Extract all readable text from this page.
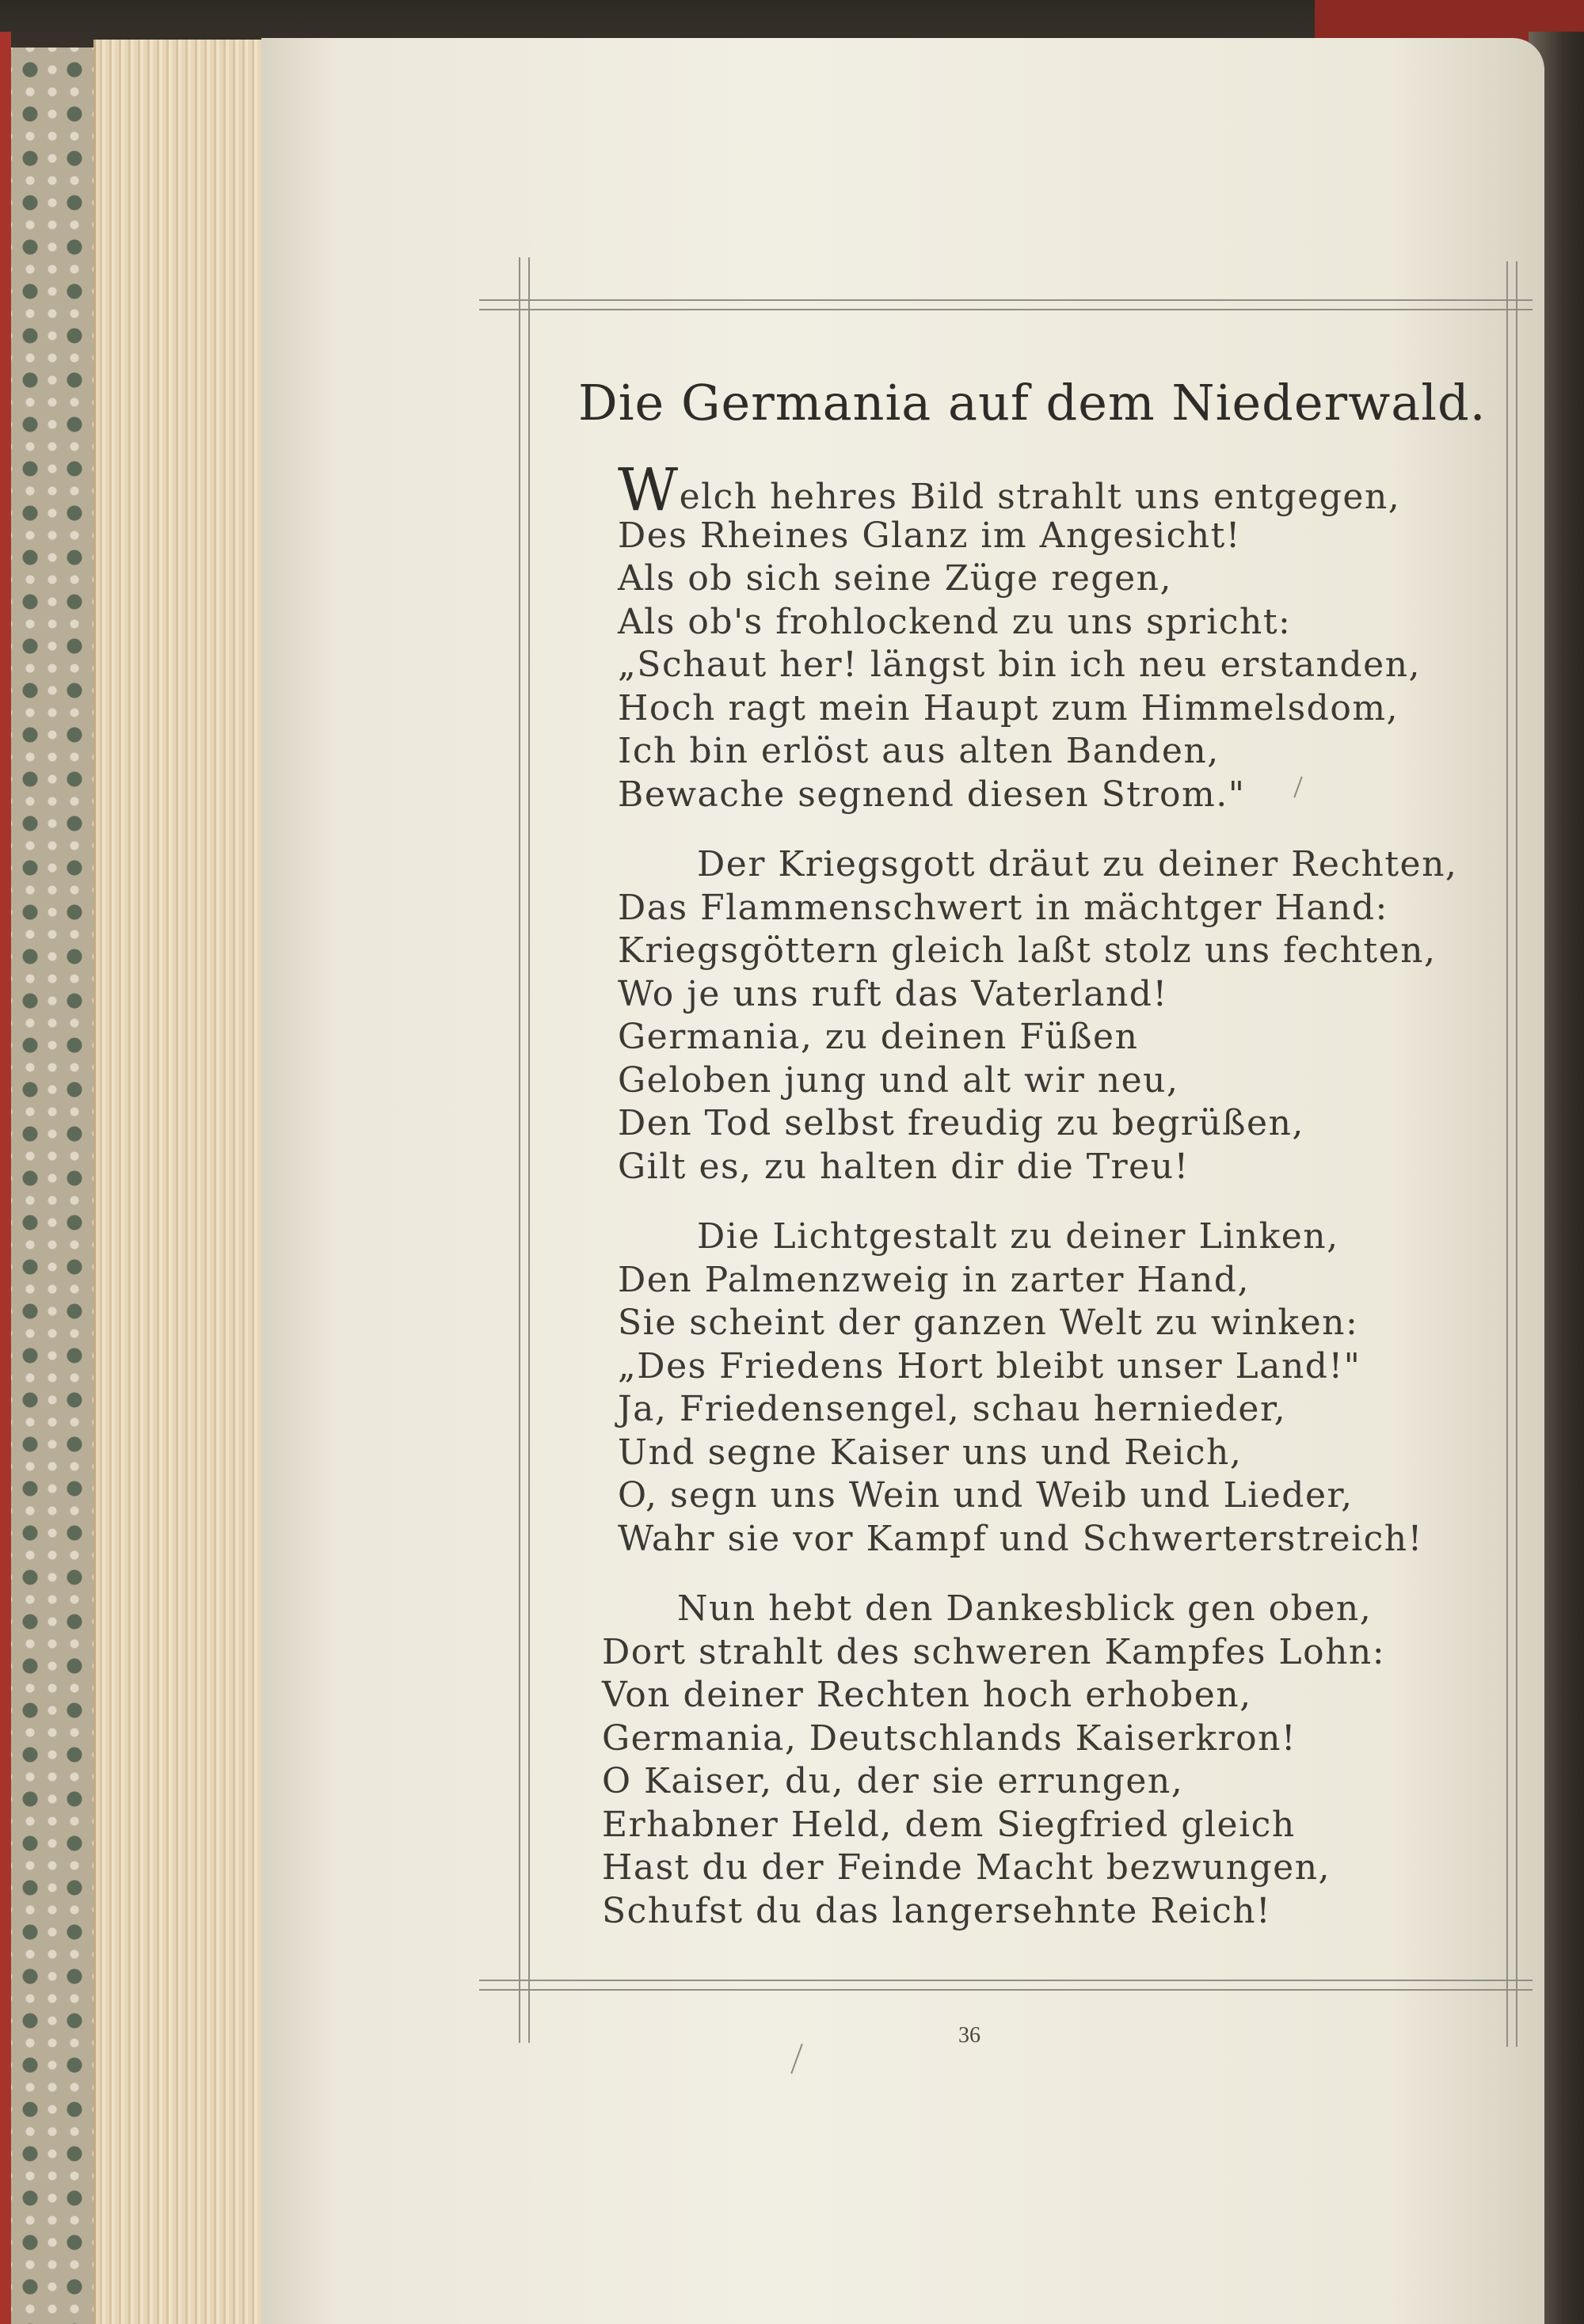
Die Germania auf dem Niederwald.
Welch hehres Bild strahlt uns entgegen,
Des Rheines Glanz im Angesicht!
Als ob sich seine Züge regen,
Als ob's frohlockend zu uns spricht:
„Schaut her! längst bin ich neu erstanden,
Hoch ragt mein Haupt zum Himmelsdom,
Ich bin erlöst aus alten Banden,
Bewache segnend diesen Strom."
Der Kriegsgott dräut zu deiner Rechten,
Das Flammenschwert in mächtger Hand:
Kriegsgöttern gleich laßt stolz uns fechten,
Wo je uns ruft das Vaterland!
Germania, zu deinen Füßen
Geloben jung und alt wir neu,
Den Tod selbst freudig zu begrüßen,
Gilt es, zu halten dir die Treu!
Die Lichtgestalt zu deiner Linken,
Den Palmenzweig in zarter Hand,
Sie scheint der ganzen Welt zu winken:
„Des Friedens Hort bleibt unser Land!"
Ja, Friedensengel, schau hernieder,
Und segne Kaiser uns und Reich,
O, segn uns Wein und Weib und Lieder,
Wahr sie vor Kampf und Schwerterstreich!
Nun hebt den Dankesblick gen oben,
Dort strahlt des schweren Kampfes Lohn:
Von deiner Rechten hoch erhoben,
Germania, Deutschlands Kaiserkron!
O Kaiser, du, der sie errungen,
Erhabner Held, dem Siegfried gleich
Hast du der Feinde Macht bezwungen,
Schufst du das langersehnte Reich!
36
